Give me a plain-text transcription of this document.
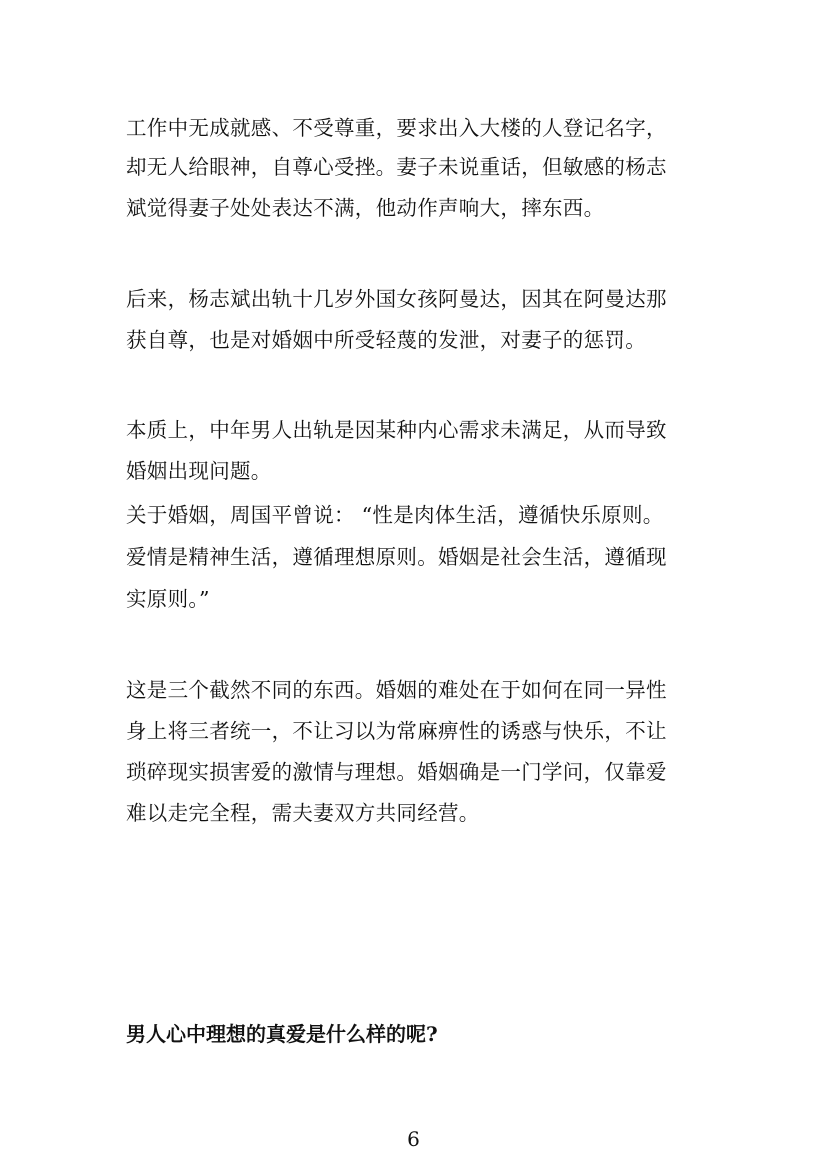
工作中无成就感、不受尊重，要求出入大楼的人登记名字，
却无人给眼神，自尊心受挫。妻子未说重话，但敏感的杨志
斌觉得妻子处处表达不满，他动作声响大，摔东西。
后来，杨志斌出轨十几岁外国女孩阿曼达，因其在阿曼达那
获自尊，也是对婚姻中所受轻蔑的发泄，对妻子的惩罚。
本质上，中年男人出轨是因某种内心需求未满足，从而导致
婚姻出现问题。
关于婚姻，周国平曾说： “性是肉体生活，遵循快乐原则。
爱情是精神生活，遵循理想原则。婚姻是社会生活，遵循现
实原则。”
这是三个截然不同的东西。婚姻的难处在于如何在同一异性
身上将三者统一，不让习以为常麻痹性的诱惑与快乐，不让
琐碎现实损害爱的激情与理想。婚姻确是一门学问，仅靠爱
难以走完全程，需夫妻双方共同经营。
男人心中理想的真爱是什么样的呢?
6
